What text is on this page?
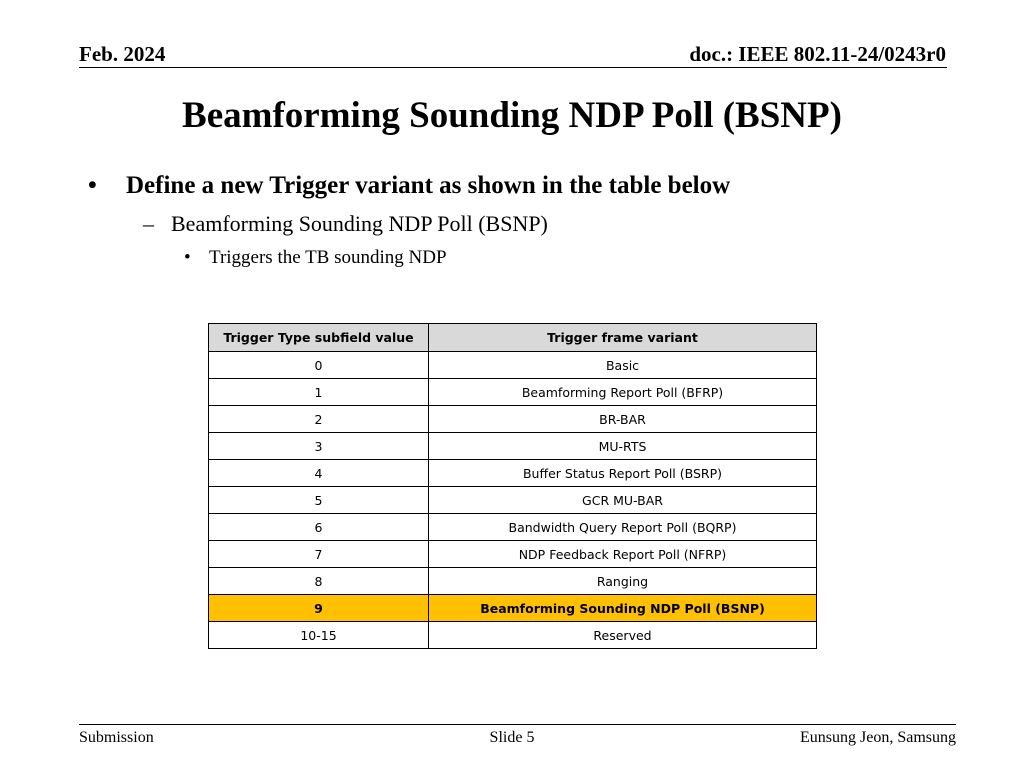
Feb. 2024	doc.: IEEE 802.11-24/0243r0
Beamforming Sounding NDP Poll (BSNP)
• Define a new Trigger variant as shown in the table below
– Beamforming Sounding NDP Poll (BSNP)
• Triggers the TB sounding NDP
Trigger Type subfield value	Trigger frame variant
0	Basic
1	Beamforming Report Poll (BFRP)
2	BR-BAR
3	MU-RTS
4	Buffer Status Report Poll (BSRP)
5	GCR MU-BAR
6	Bandwidth Query Report Poll (BQRP)
7	NDP Feedback Report Poll (NFRP)
8	Ranging
9	Beamforming Sounding NDP Poll (BSNP)
10-15	Reserved
Submission	Slide 5	Eunsung Jeon, Samsung
